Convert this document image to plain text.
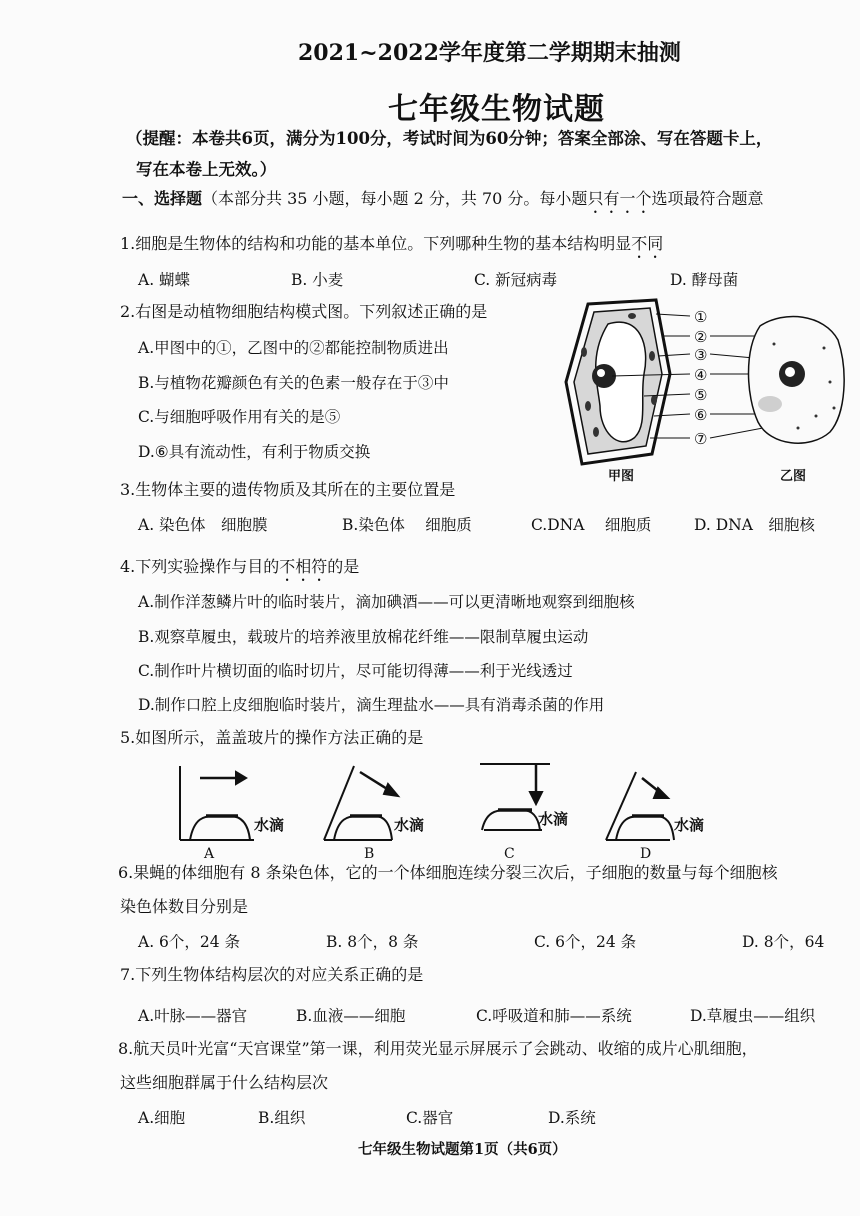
2021~2022学年度第二学期期末抽测
七年级生物试题
（提醒：本卷共6页，满分为100分，考试时间为60分钟；答案全部涂、写在答题卡上，
写在本卷上无效。）
一、选择题（本部分共 35 小题，每小题 2 分，共 70 分。每小题只有一个选项最符合题意
1.细胞是生物体的结构和功能的基本单位。下列哪种生物的基本结构明显不同
A. 蝴蝶	B. 小麦	C. 新冠病毒	D. 酵母菌
2.右图是动植物细胞结构模式图。下列叙述正确的是
A.甲图中的①，乙图中的②都能控制物质进出
B.与植物花瓣颜色有关的色素一般存在于③中
C.与细胞呼吸作用有关的是⑤
D.⑥具有流动性，有利于物质交换
①
②
③
④
⑤
⑥
⑦
甲图	乙图
3.生物体主要的遗传物质及其所在的主要位置是
A. 染色体　细胞膜	B.染色体　 细胞质	C.DNA　 细胞质	D. DNA　细胞核
4.下列实验操作与目的不相符的是
A.制作洋葱鳞片叶的临时装片，滴加碘酒——可以更清晰地观察到细胞核
B.观察草履虫，载玻片的培养液里放棉花纤维——限制草履虫运动
C.制作叶片横切面的临时切片，尽可能切得薄——利于光线透过
D.制作口腔上皮细胞临时装片，滴生理盐水——具有消毒杀菌的作用
5.如图所示，盖盖玻片的操作方法正确的是
水滴	水滴	水滴	水滴
A	B	C	D
6.果蝇的体细胞有 8 条染色体，它的一个体细胞连续分裂三次后，子细胞的数量与每个细胞核
染色体数目分别是
A. 6个，24 条	B. 8个，8 条	C. 6个，24 条	D. 8个，64
7.下列生物体结构层次的对应关系正确的是
A.叶脉——器官	B.血液——细胞	C.呼吸道和肺——系统	D.草履虫——组织
8.航天员叶光富“天宫课堂”第一课，利用荧光显示屏展示了会跳动、收缩的成片心肌细胞，
这些细胞群属于什么结构层次
A.细胞	B.组织	C.器官	D.系统
七年级生物试题第1页（共6页）
